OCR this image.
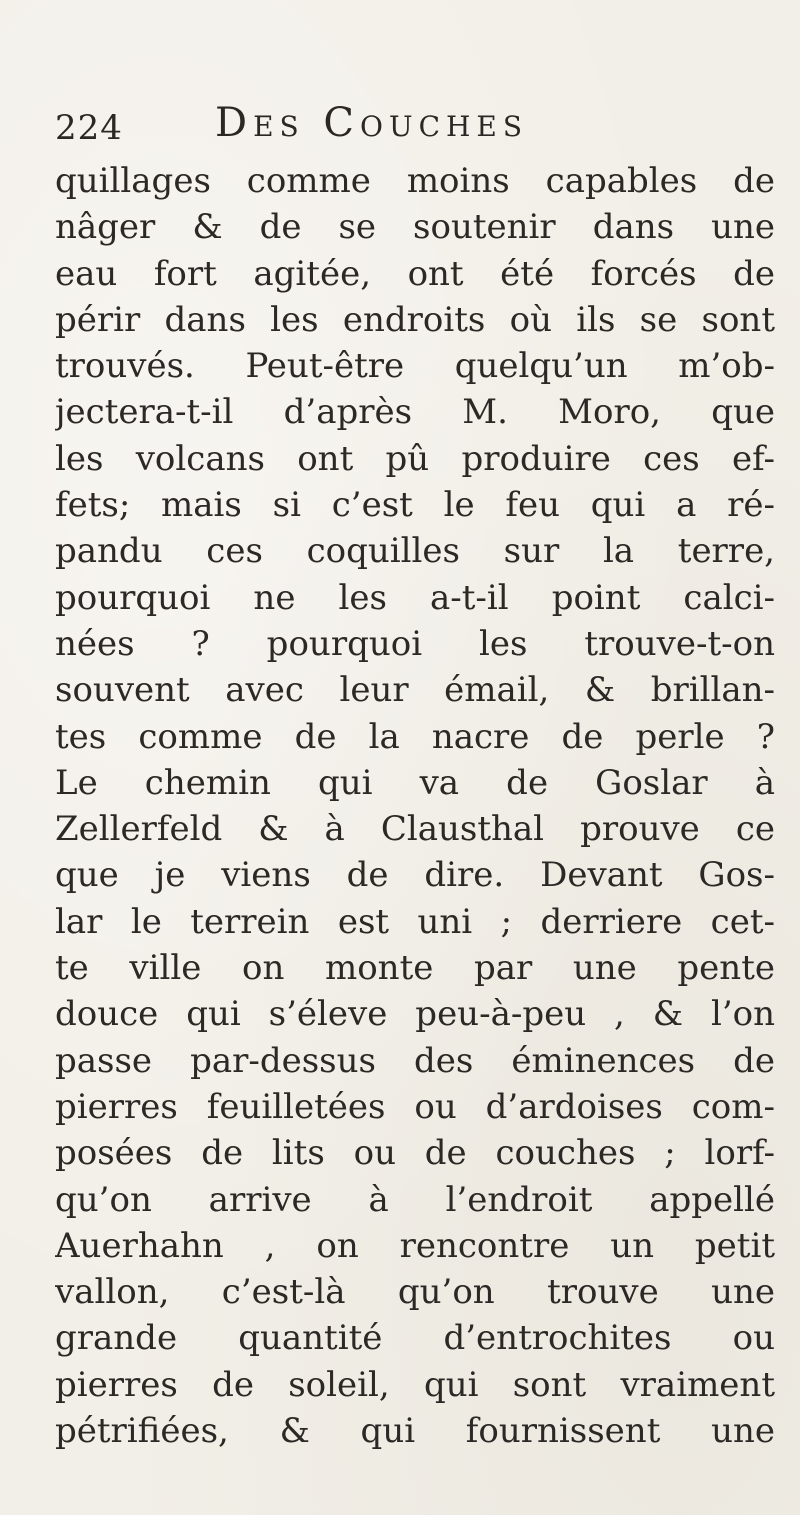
224 Des Couches
quillages comme moins capables de
nâger & de se soutenir dans une
eau fort agitée, ont été forcés de
périr dans les endroits où ils se sont
trouvés. Peut-être quelqu’un m’ob-
jectera-t-il d’après M. Moro, que
les volcans ont pû produire ces ef-
fets; mais si c’est le feu qui a ré-
pandu ces coquilles sur la terre,
pourquoi ne les a-t-il point calci-
nées ? pourquoi les trouve-t-on
souvent avec leur émail, & brillan-
tes comme de la nacre de perle ?
Le chemin qui va de Goslar à
Zellerfeld & à Clausthal prouve ce
que je viens de dire. Devant Gos-
lar le terrein est uni ; derriere cet-
te ville on monte par une pente
douce qui s’éleve peu-à-peu , & l’on
passe par-dessus des éminences de
pierres feuilletées ou d’ardoises com-
posées de lits ou de couches ; lorf-
qu’on arrive à l’endroit appellé
Auerhahn , on rencontre un petit
vallon, c’est-là qu’on trouve une
grande quantité d’entrochites ou
pierres de soleil, qui sont vraiment
pétrifiées, & qui fournissent une
